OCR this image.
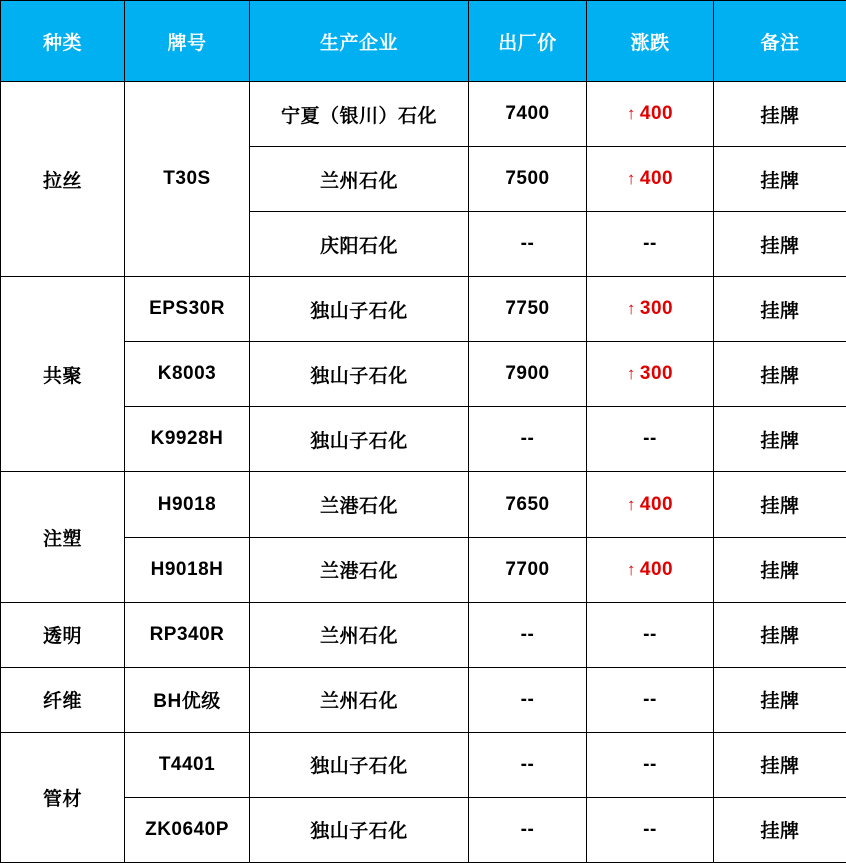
种类	牌号	生产企业	出厂价	涨跌	备注
拉丝	T30S	宁夏（银川）石化	7400	↑ 400	挂牌
		兰州石化	7500	↑ 400	挂牌
		庆阳石化	--	--	挂牌
共聚	EPS30R	独山子石化	7750	↑ 300	挂牌
	K8003	独山子石化	7900	↑ 300	挂牌
	K9928H	独山子石化	--	--	挂牌
注塑	H9018	兰港石化	7650	↑ 400	挂牌
	H9018H	兰港石化	7700	↑ 400	挂牌
透明	RP340R	兰州石化	--	--	挂牌
纤维	BH优级	兰州石化	--	--	挂牌
管材	T4401	独山子石化	--	--	挂牌
	ZK0640P	独山子石化	--	--	挂牌
